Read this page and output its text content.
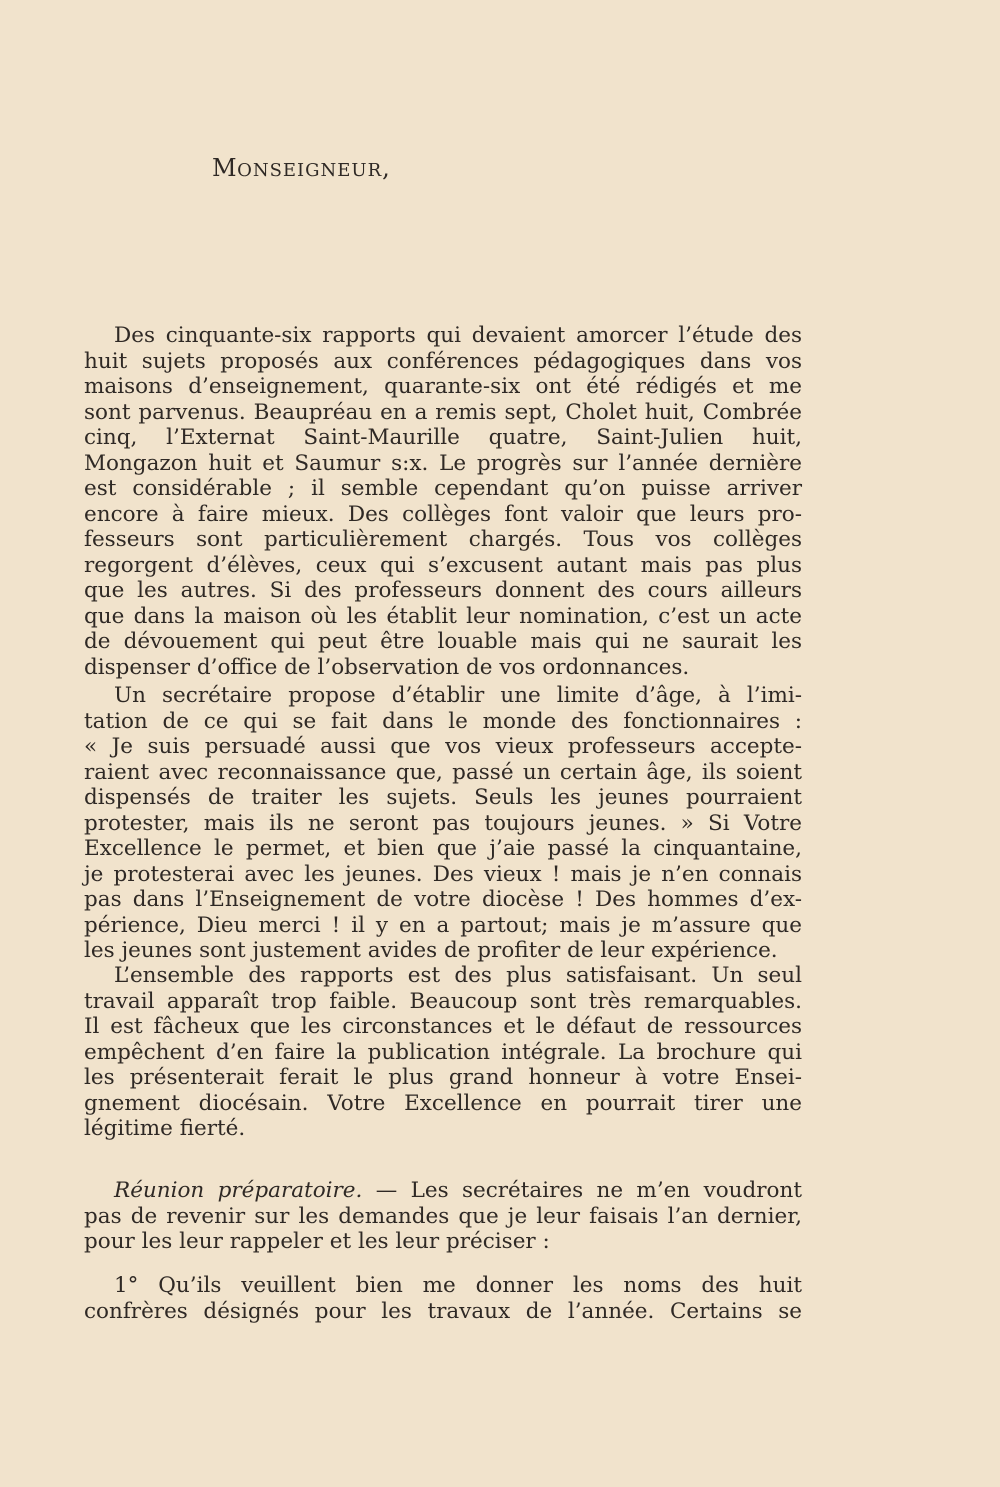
MONSEIGNEUR,
Des cinquante-six rapports qui devaient amorcer l’étude des
huit sujets proposés aux conférences pédagogiques dans vos
maisons d’enseignement, quarante-six ont été rédigés et me
sont parvenus. Beaupréau en a remis sept, Cholet huit, Combrée
cinq, l’Externat Saint-Maurille quatre, Saint-Julien huit,
Mongazon huit et Saumur s:x. Le progrès sur l’année dernière
est considérable ; il semble cependant qu’on puisse arriver
encore à faire mieux. Des collèges font valoir que leurs pro-
fesseurs sont particulièrement chargés. Tous vos collèges
regorgent d’élèves, ceux qui s’excusent autant mais pas plus
que les autres. Si des professeurs donnent des cours ailleurs
que dans la maison où les établit leur nomination, c’est un acte
de dévouement qui peut être louable mais qui ne saurait les
dispenser d’office de l’observation de vos ordonnances.
Un secrétaire propose d’établir une limite d’âge, à l’imi-
tation de ce qui se fait dans le monde des fonctionnaires :
« Je suis persuadé aussi que vos vieux professeurs accepte-
raient avec reconnaissance que, passé un certain âge, ils soient
dispensés de traiter les sujets. Seuls les jeunes pourraient
protester, mais ils ne seront pas toujours jeunes. » Si Votre
Excellence le permet, et bien que j’aie passé la cinquantaine,
je protesterai avec les jeunes. Des vieux ! mais je n’en connais
pas dans l’Enseignement de votre diocèse ! Des hommes d’ex-
périence, Dieu merci ! il y en a partout; mais je m’assure que
les jeunes sont justement avides de profiter de leur expérience.
L’ensemble des rapports est des plus satisfaisant. Un seul
travail apparaît trop faible. Beaucoup sont très remarquables.
Il est fâcheux que les circonstances et le défaut de ressources
empêchent d’en faire la publication intégrale. La brochure qui
les présenterait ferait le plus grand honneur à votre Ensei-
gnement diocésain. Votre Excellence en pourrait tirer une
légitime fierté.
Réunion préparatoire. — Les secrétaires ne m’en voudront
pas de revenir sur les demandes que je leur faisais l’an dernier,
pour les leur rappeler et les leur préciser :
1° Qu’ils veuillent bien me donner les noms des huit
confrères désignés pour les travaux de l’année. Certains se
